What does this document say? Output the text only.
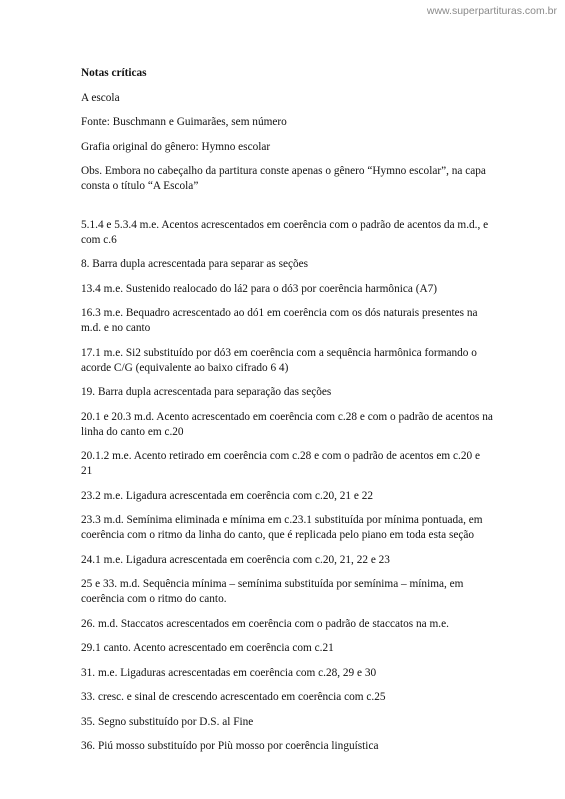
www.superpartituras.com.br

Notas críticas

A escola

Fonte: Buschmann e Guimarães, sem número

Grafia original do gênero: Hymno escolar

Obs. Embora no cabeçalho da partitura conste apenas o gênero “Hymno escolar”, na capa consta o título “A Escola”

5.1.4 e 5.3.4 m.e. Acentos acrescentados em coerência com o padrão de acentos da m.d., e com c.6

8. Barra dupla acrescentada para separar as seções

13.4 m.e. Sustenido realocado do lá2 para o dó3 por coerência harmônica (A7)

16.3 m.e. Bequadro acrescentado ao dó1 em coerência com os dós naturais presentes na m.d. e no canto

17.1 m.e. Si2 substituído por dó3 em coerência com a sequência harmônica formando o acorde C/G (equivalente ao baixo cifrado 6 4)

19. Barra dupla acrescentada para separação das seções

20.1 e 20.3 m.d. Acento acrescentado em coerência com c.28 e com o padrão de acentos na linha do canto em c.20

20.1.2 m.e. Acento retirado em coerência com c.28 e com o padrão de acentos em c.20 e 21

23.2 m.e. Ligadura acrescentada em coerência com c.20, 21 e 22

23.3 m.d. Semínima eliminada e mínima em c.23.1 substituída por mínima pontuada, em coerência com o ritmo da linha do canto, que é replicada pelo piano em toda esta seção

24.1 m.e. Ligadura acrescentada em coerência com c.20, 21, 22 e 23

25 e 33. m.d. Sequência mínima – semínima substituída por semínima – mínima, em coerência com o ritmo do canto.

26. m.d. Staccatos acrescentados em coerência com o padrão de staccatos na m.e.

29.1 canto. Acento acrescentado em coerência com c.21

31. m.e. Ligaduras acrescentadas em coerência com c.28, 29 e 30

33. cresc. e sinal de crescendo acrescentado em coerência com c.25

35. Segno substituído por D.S. al Fine

36. Piú mosso substituído por Più mosso por coerência linguística
